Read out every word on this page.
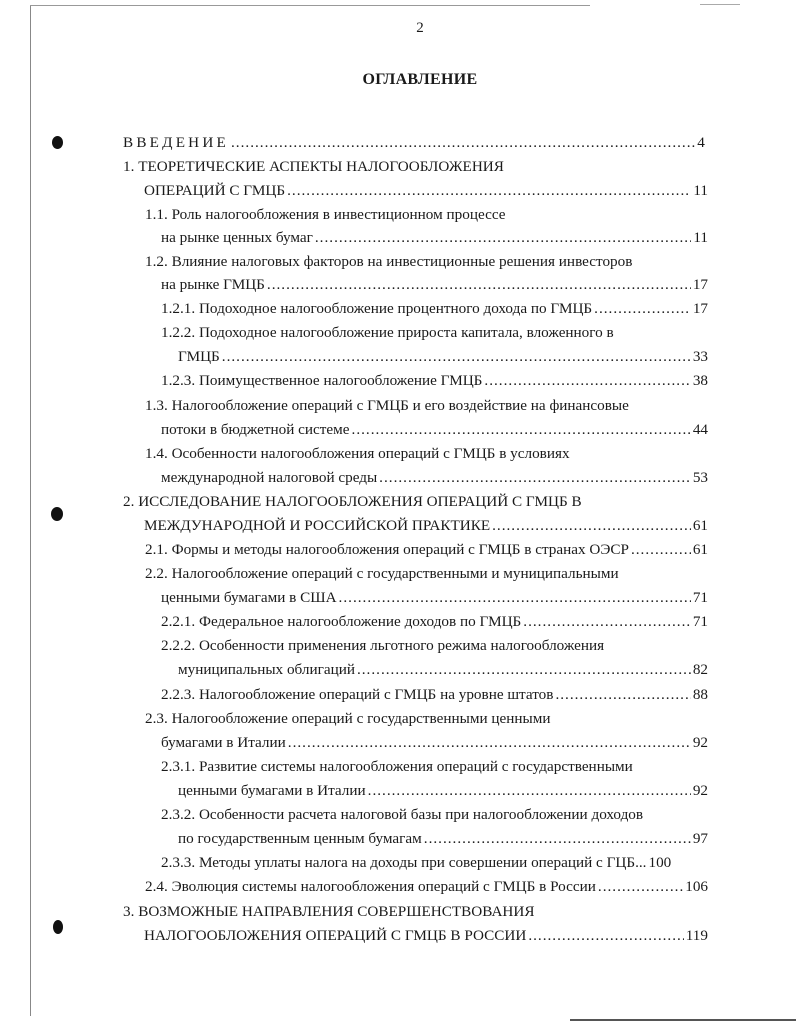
2
ОГЛАВЛЕНИЕ
ВВЕДЕНИЕ .....	4
1. ТЕОРЕТИЧЕСКИЕ АСПЕКТЫ НАЛОГООБЛОЖЕНИЯ
ОПЕРАЦИЙ С ГМЦБ .....	11
1.1. Роль налогообложения в инвестиционном процессе
на рынке ценных бумаг .....	11
1.2. Влияние налоговых факторов на инвестиционные решения инвесторов
на рынке ГМЦБ .....	17
1.2.1. Подоходное налогообложение процентного дохода по ГМЦБ .....	17
1.2.2. Подоходное налогообложение прироста капитала, вложенного в
ГМЦБ .....	33
1.2.3. Поимущественное налогообложение ГМЦБ .....	38
1.3. Налогообложение операций с ГМЦБ и его воздействие на финансовые
потоки в бюджетной системе .....	44
1.4. Особенности налогообложения операций с ГМЦБ в условиях
международной налоговой среды .....	53
2. ИССЛЕДОВАНИЕ НАЛОГООБЛОЖЕНИЯ ОПЕРАЦИЙ С ГМЦБ В
МЕЖДУНАРОДНОЙ И РОССИЙСКОЙ ПРАКТИКЕ .....	61
2.1. Формы и методы налогообложения операций с ГМЦБ в странах ОЭСР .....	61
2.2. Налогообложение операций с государственными и муниципальными
ценными бумагами в США .....	71
2.2.1. Федеральное налогообложение доходов по ГМЦБ .....	71
2.2.2. Особенности применения льготного режима налогообложения
муниципальных облигаций .....	82
2.2.3. Налогообложение операций с ГМЦБ на уровне штатов .....	88
2.3. Налогообложение операций с государственными ценными
бумагами в Италии .....	92
2.3.1. Развитие системы налогообложения операций с государственными
ценными бумагами в Италии .....	92
2.3.2. Особенности расчета налоговой базы при налогообложении доходов
по государственным ценным бумагам .....	97
2.3.3. Методы уплаты налога на доходы при совершении операций с ГЦБ... 100
2.4. Эволюция системы налогообложения операций с ГМЦБ в России .....	106
3. ВОЗМОЖНЫЕ НАПРАВЛЕНИЯ СОВЕРШЕНСТВОВАНИЯ
НАЛОГООБЛОЖЕНИЯ ОПЕРАЦИЙ С ГМЦБ В РОССИИ .....	119
